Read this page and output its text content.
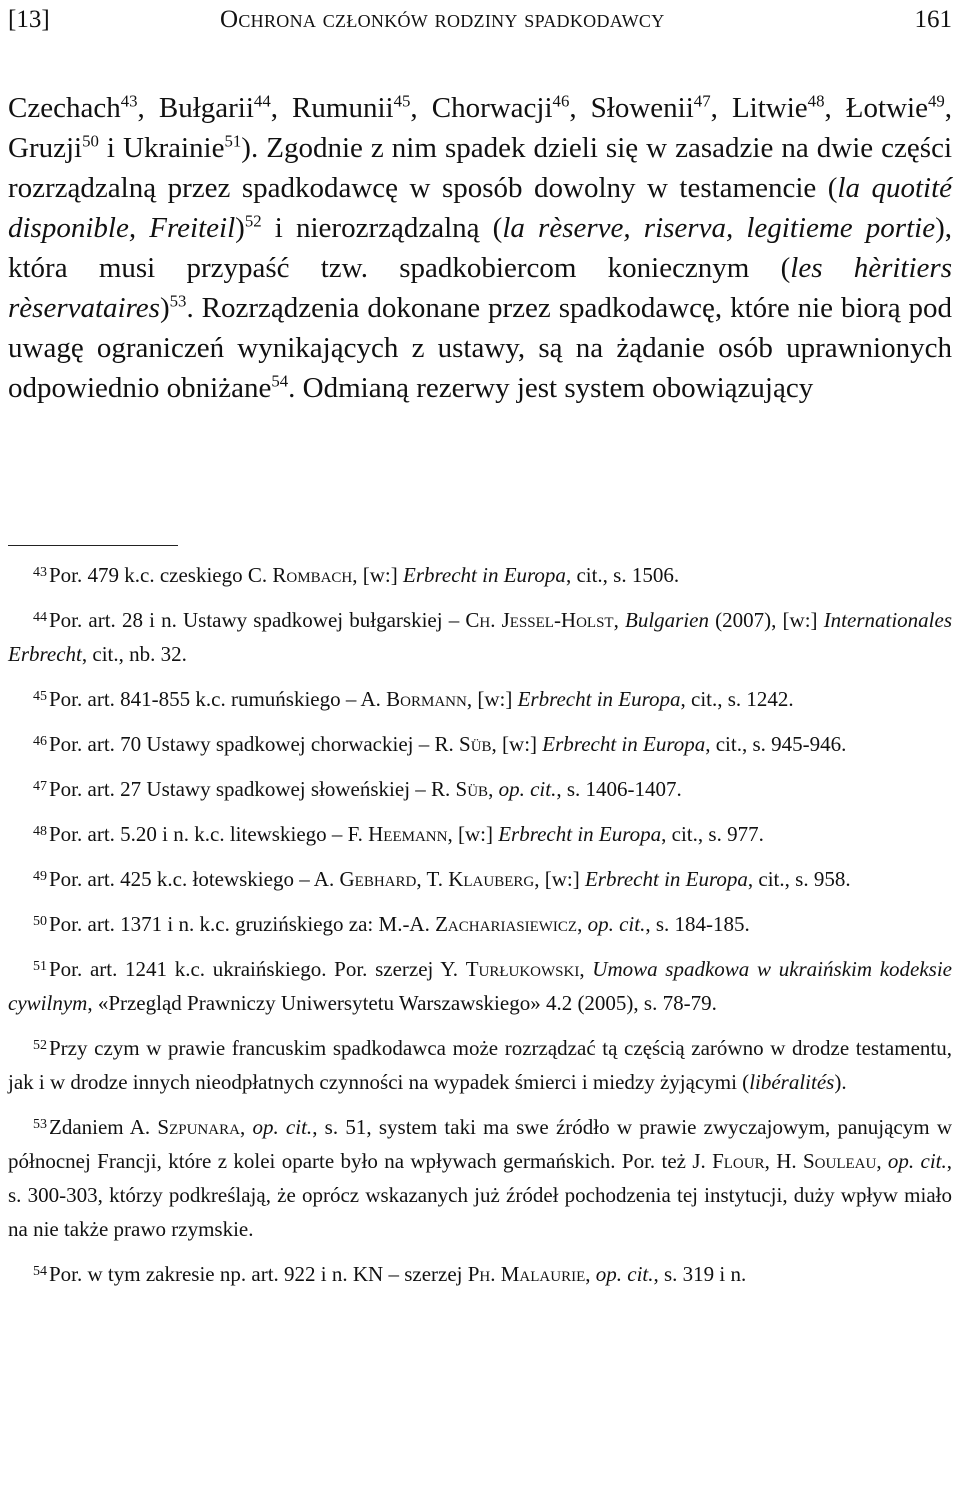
[13]	Ochrona członków rodziny spadkodawcy	161
Czechach$^{43}$, Bułgarii$^{44}$, Rumunii$^{45}$, Chorwacji$^{46}$, Słowenii$^{47}$, Litwie$^{48}$, Łotwie$^{49}$, Gruzji$^{50}$ i Ukrainie$^{51}$). Zgodnie z nim spadek dzieli się w zasadzie na dwie części rozrządzalną przez spadkodawcę w sposób dowolny w testamencie (la quotité disponible, Freiteil)$^{52}$ i nierozrządzalną (la rèserve, riserva, legitieme portie), która musi przypaść tzw. spadkobiercom koniecznym (les hèritiers rèservataires)$^{53}$. Rozrządzenia dokonane przez spadkodawcę, które nie biorą pod uwagę ograniczeń wynikających z ustawy, są na żądanie osób uprawnionych odpowiednio obniżane$^{54}$. Odmianą rezerwy jest system obowiązujący
$^{43}$Por. 479 k.c. czeskiego C. Rombach, [w:] Erbrecht in Europa, cit., s. 1506.
$^{44}$Por. art. 28 i n. Ustawy spadkowej bułgarskiej – Ch. Jessel-Holst, Bulgarien (2007), [w:] Internationales Erbrecht, cit., nb. 32.
$^{45}$Por. art. 841-855 k.c. rumuńskiego – A. Bormann, [w:] Erbrecht in Europa, cit., s. 1242.
$^{46}$Por. art. 70 Ustawy spadkowej chorwackiej – R. Süb, [w:] Erbrecht in Europa, cit., s. 945-946.
$^{47}$Por. art. 27 Ustawy spadkowej słoweńskiej – R. Süb, op. cit., s. 1406-1407.
$^{48}$Por. art. 5.20 i n. k.c. litewskiego – F. Heemann, [w:] Erbrecht in Europa, cit., s. 977.
$^{49}$Por. art. 425 k.c. łotewskiego – A. Gebhard, T. Klauberg, [w:] Erbrecht in Europa, cit., s. 958.
$^{50}$Por. art. 1371 i n. k.c. gruzińskiego za: M.-A. Zachariasiewicz, op. cit., s. 184-185.
$^{51}$Por. art. 1241 k.c. ukraińskiego. Por. szerzej Y. Turłukowski, Umowa spadkowa w ukraińskim kodeksie cywilnym, «Przegląd Prawniczy Uniwersytetu Warszawskiego» 4.2 (2005), s. 78-79.
$^{52}$Przy czym w prawie francuskim spadkodawca może rozrządzać tą częścią zarówno w drodze testamentu, jak i w drodze innych nieodpłatnych czynności na wypadek śmierci i miedzy żyjącymi (libéralités).
$^{53}$Zdaniem A. Szpunara, op. cit., s. 51, system taki ma swe źródło w prawie zwyczajowym, panującym w północnej Francji, które z kolei oparte było na wpływach germańskich. Por. też J. Flour, H. Souleau, op. cit., s. 300-303, którzy podkreślają, że oprócz wskazanych już źródeł pochodzenia tej instytucji, duży wpływ miało na nie także prawo rzymskie.
$^{54}$Por. w tym zakresie np. art. 922 i n. KN – szerzej Ph. Malaurie, op. cit., s. 319 i n.
